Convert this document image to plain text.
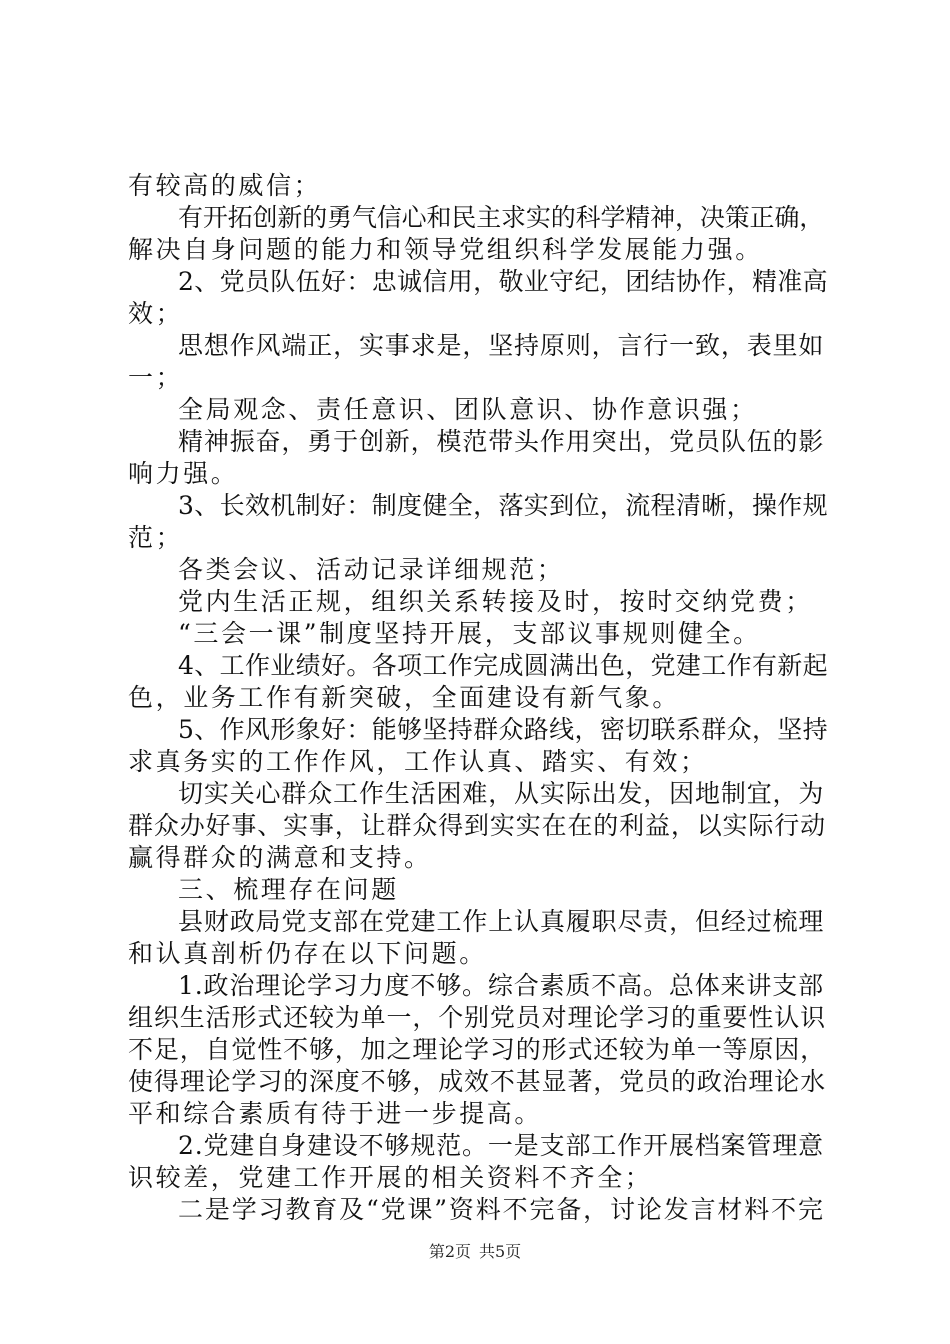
有较高的威信；
有开拓创新的勇气信心和民主求实的科学精神，决策正确，
解决自身问题的能力和领导党组织科学发展能力强。
2、党员队伍好：忠诚信用，敬业守纪，团结协作，精准高
效；
思想作风端正，实事求是，坚持原则，言行一致，表里如
一；
全局观念、责任意识、团队意识、协作意识强；
精神振奋，勇于创新，模范带头作用突出，党员队伍的影
响力强。
3、长效机制好：制度健全，落实到位，流程清晰，操作规
范；
各类会议、活动记录详细规范；
党内生活正规，组织关系转接及时，按时交纳党费；
“三会一课”制度坚持开展，支部议事规则健全。
4、工作业绩好。各项工作完成圆满出色，党建工作有新起
色，业务工作有新突破，全面建设有新气象。
5、作风形象好：能够坚持群众路线，密切联系群众，坚持
求真务实的工作作风，工作认真、踏实、有效；
切实关心群众工作生活困难，从实际出发，因地制宜，为
群众办好事、实事，让群众得到实实在在的利益，以实际行动
赢得群众的满意和支持。
三、梳理存在问题
县财政局党支部在党建工作上认真履职尽责，但经过梳理
和认真剖析仍存在以下问题。
1.政治理论学习力度不够。综合素质不高。总体来讲支部
组织生活形式还较为单一，个别党员对理论学习的重要性认识
不足，自觉性不够，加之理论学习的形式还较为单一等原因，
使得理论学习的深度不够，成效不甚显著，党员的政治理论水
平和综合素质有待于进一步提高。
2.党建自身建设不够规范。一是支部工作开展档案管理意
识较差，党建工作开展的相关资料不齐全；
二是学习教育及“党课”资料不完备，讨论发言材料不完
第2页 共5页
